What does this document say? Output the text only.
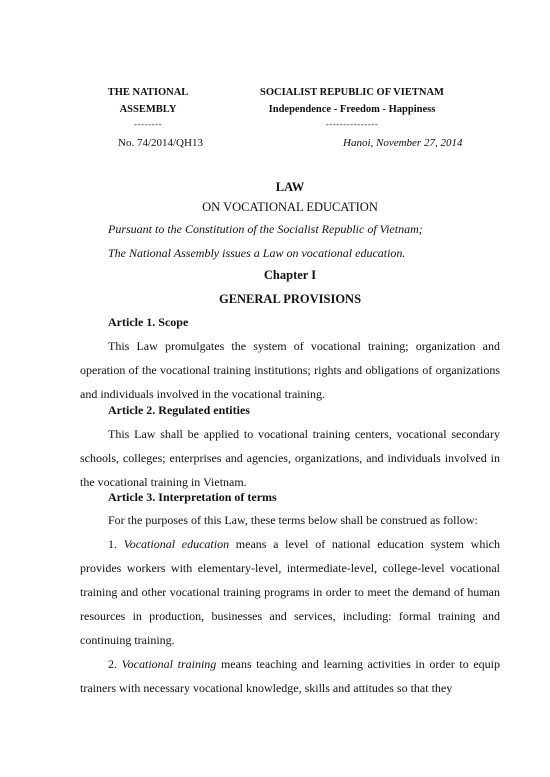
THE NATIONAL
ASSEMBLY
--------
SOCIALIST REPUBLIC OF VIETNAM
Independence - Freedom - Happiness
---------------
No. 74/2014/QH13	Hanoi, November 27, 2014
LAW
ON VOCATIONAL EDUCATION
Pursuant to the Constitution of the Socialist Republic of Vietnam;
The National Assembly issues a Law on vocational education.
Chapter I
GENERAL PROVISIONS
Article 1. Scope

This Law promulgates the system of vocational training; organization and operation of the vocational training institutions; rights and obligations of organizations and individuals involved in the vocational training.

Article 2. Regulated entities

This Law shall be applied to vocational training centers, vocational secondary schools, colleges; enterprises and agencies, organizations, and individuals involved in the vocational training in Vietnam.

Article 3. Interpretation of terms

For the purposes of this Law, these terms below shall be construed as follow:

1. Vocational education means a level of national education system which provides workers with elementary-level, intermediate-level, college-level vocational training and other vocational training programs in order to meet the demand of human resources in production, businesses and services, including: formal training and continuing training.

2. Vocational training means teaching and learning activities in order to equip trainers with necessary vocational knowledge, skills and attitudes so that they
